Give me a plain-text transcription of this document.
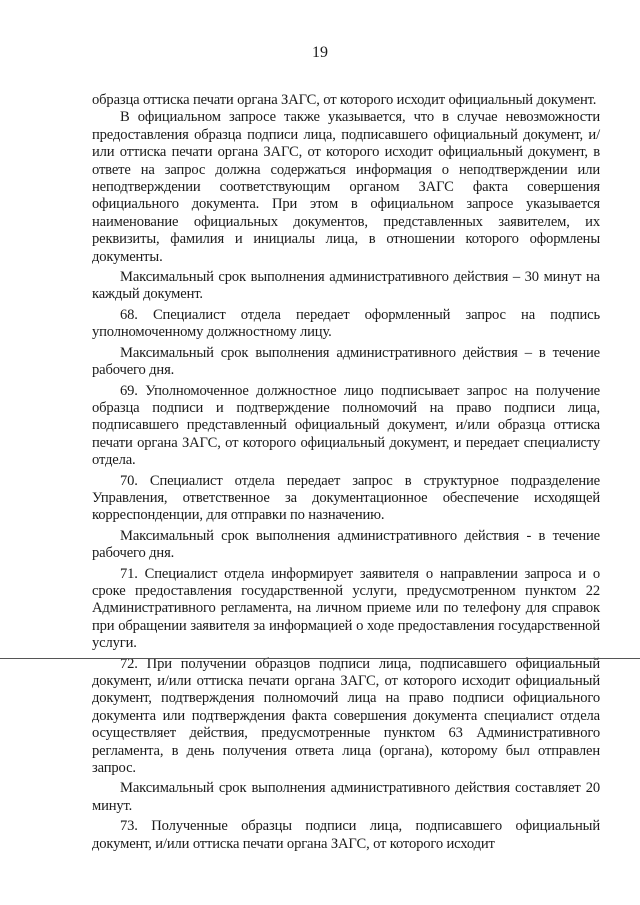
19

образца оттиска печати органа ЗАГС, от которого исходит официальный документ.

В официальном запросе также указывается, что в случае невозможности предоставления образца подписи лица, подписавшего официальный документ, и/или оттиска печати органа ЗАГС, от которого исходит официальный документ, в ответе на запрос должна содержаться информация о неподтверждении или неподтверждении соответствующим органом ЗАГС факта совершения официального документа. При этом в официальном запросе указывается наименование официальных документов, представленных заявителем, их реквизиты, фамилия и инициалы лица, в отношении которого оформлены документы.

Максимальный срок выполнения административного действия – 30 минут на каждый документ.

68. Специалист отдела передает оформленный запрос на подпись уполномоченному должностному лицу.

Максимальный срок выполнения административного действия – в течение рабочего дня.

69. Уполномоченное должностное лицо подписывает запрос на получение образца подписи и подтверждение полномочий на право подписи лица, подписавшего представленный официальный документ, и/или образца оттиска печати органа ЗАГС, от которого официальный документ, и передает специалисту отдела.

70. Специалист отдела передает запрос в структурное подразделение Управления, ответственное за документационное обеспечение исходящей корреспонденции, для отправки по назначению.

Максимальный срок выполнения административного действия - в течение рабочего дня.

71. Специалист отдела информирует заявителя о направлении запроса и о сроке предоставления государственной услуги, предусмотренном пунктом 22 Административного регламента, на личном приеме или по телефону для справок при обращении заявителя за информацией о ходе предоставления государственной услуги.

72. При получении образцов подписи лица, подписавшего официальный документ, и/или оттиска печати органа ЗАГС, от которого исходит официальный документ, подтверждения полномочий лица на право подписи официального документа или подтверждения факта совершения документа специалист отдела осуществляет действия, предусмотренные пунктом 63 Административного регламента, в день получения ответа лица (органа), которому был отправлен запрос.

Максимальный срок выполнения административного действия составляет 20 минут.

73. Полученные образцы подписи лица, подписавшего официальный документ, и/или оттиска печати органа ЗАГС, от которого исходит
